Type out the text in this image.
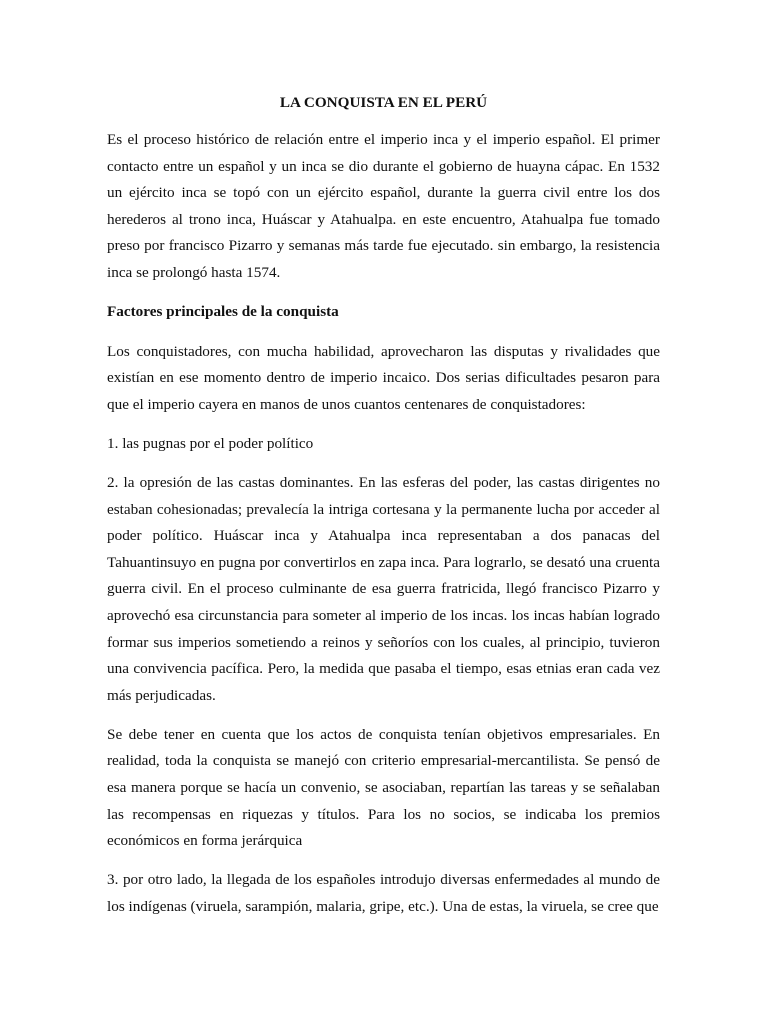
LA CONQUISTA EN EL PERÚ

Es el proceso histórico de relación entre el imperio inca y el imperio español. El primer contacto entre un español y un inca se dio durante el gobierno de huayna cápac. En 1532 un ejército inca se topó con un ejército español, durante la guerra civil entre los dos herederos al trono inca, Huáscar y Atahualpa. en este encuentro, Atahualpa fue tomado preso por francisco Pizarro y semanas más tarde fue ejecutado. sin embargo, la resistencia inca se prolongó hasta 1574.

Factores principales de la conquista

Los conquistadores, con mucha habilidad, aprovecharon las disputas y rivalidades que existían en ese momento dentro de imperio incaico. Dos serias dificultades pesaron para que el imperio cayera en manos de unos cuantos centenares de conquistadores:

1. las pugnas por el poder político

2. la opresión de las castas dominantes. En las esferas del poder, las castas dirigentes no estaban cohesionadas; prevalecía la intriga cortesana y la permanente lucha por acceder al poder político. Huáscar inca y Atahualpa inca representaban a dos panacas del Tahuantinsuyo en pugna por convertirlos en zapa inca. Para lograrlo, se desató una cruenta guerra civil. En el proceso culminante de esa guerra fratricida, llegó francisco Pizarro y aprovechó esa circunstancia para someter al imperio de los incas. los incas habían logrado formar sus imperios sometiendo a reinos y señoríos con los cuales, al principio, tuvieron una convivencia pacífica. Pero, la medida que pasaba el tiempo, esas etnias eran cada vez más perjudicadas.

Se debe tener en cuenta que los actos de conquista tenían objetivos empresariales. En realidad, toda la conquista se manejó con criterio empresarial-mercantilista. Se pensó de esa manera porque se hacía un convenio, se asociaban, repartían las tareas y se señalaban las recompensas en riquezas y títulos. Para los no socios, se indicaba los premios económicos en forma jerárquica

3. por otro lado, la llegada de los españoles introdujo diversas enfermedades al mundo de los indígenas (viruela, sarampión, malaria, gripe, etc.). Una de estas, la viruela, se cree que
